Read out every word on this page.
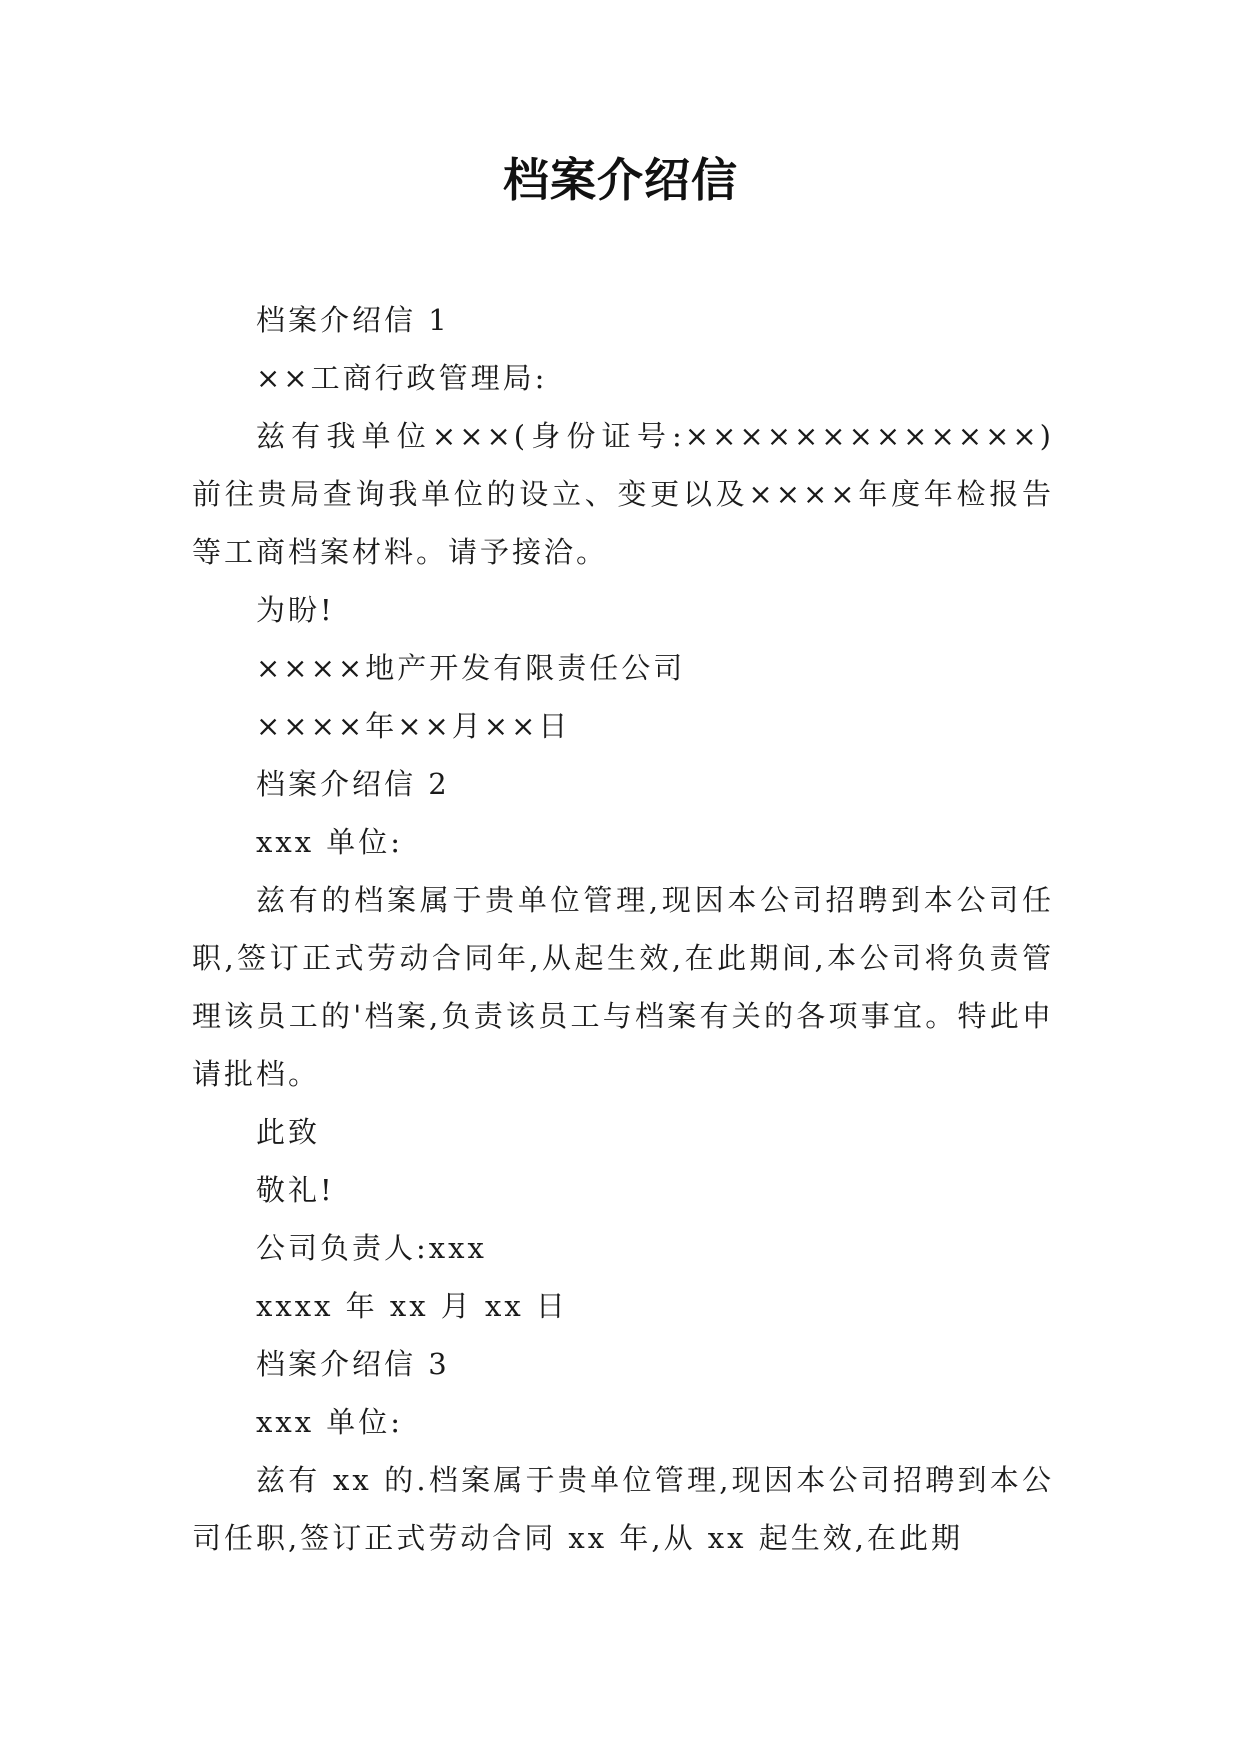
档案介绍信
档案介绍信 1
××工商行政管理局:
兹有我单位×××(身份证号:×××××××××××××)前往贵局查询我单位的设立、变更以及××××年度年检报告等工商档案材料。请予接洽。
为盼!
××××地产开发有限责任公司
××××年××月××日
档案介绍信 2
xxx 单位:
兹有的档案属于贵单位管理,现因本公司招聘到本公司任职,签订正式劳动合同年,从起生效,在此期间,本公司将负责管理该员工的'档案,负责该员工与档案有关的各项事宜。特此申请批档。
此致
敬礼!
公司负责人:xxx
xxxx 年 xx 月 xx 日
档案介绍信 3
xxx 单位:
兹有 xx 的.档案属于贵单位管理,现因本公司招聘到本公司任职,签订正式劳动合同 xx 年,从 xx 起生效,在此期
